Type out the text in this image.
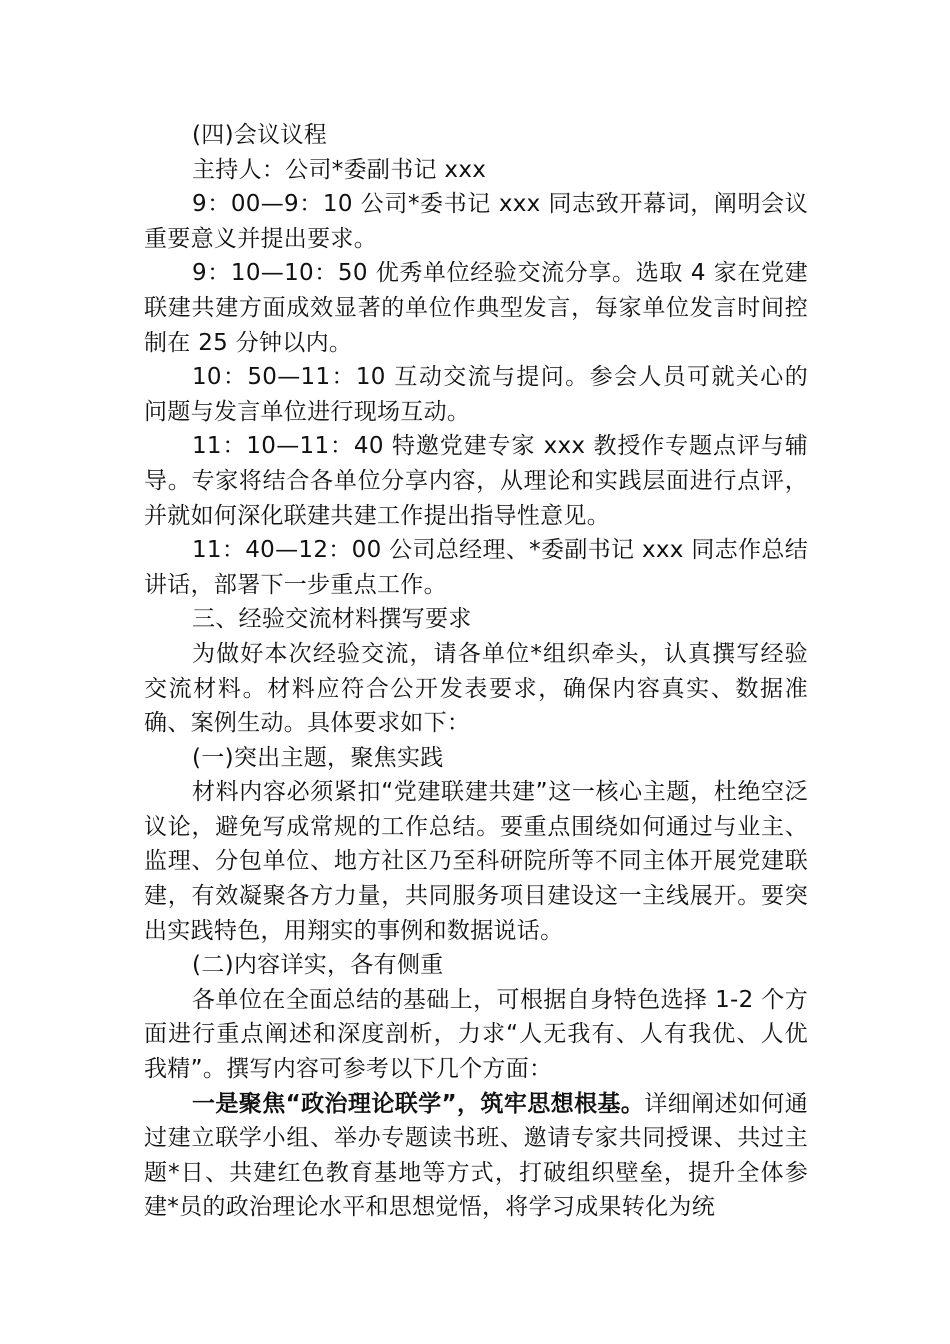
(四)会议议程

主持人：公司*委副书记 xxx

9：00—9：10 公司*委书记 xxx 同志致开幕词，阐明会议重要意义并提出要求。

9：10—10：50 优秀单位经验交流分享。选取 4 家在党建联建共建方面成效显著的单位作典型发言，每家单位发言时间控制在 25 分钟以内。

10：50—11：10 互动交流与提问。参会人员可就关心的问题与发言单位进行现场互动。

11：10—11：40 特邀党建专家 xxx 教授作专题点评与辅导。专家将结合各单位分享内容，从理论和实践层面进行点评，并就如何深化联建共建工作提出指导性意见。

11：40—12：00 公司总经理、*委副书记 xxx 同志作总结讲话，部署下一步重点工作。

三、经验交流材料撰写要求

为做好本次经验交流，请各单位*组织牵头，认真撰写经验交流材料。材料应符合公开发表要求，确保内容真实、数据准确、案例生动。具体要求如下：

(一)突出主题，聚焦实践

材料内容必须紧扣“党建联建共建”这一核心主题，杜绝空泛议论，避免写成常规的工作总结。要重点围绕如何通过与业主、监理、分包单位、地方社区乃至科研院所等不同主体开展党建联建，有效凝聚各方力量，共同服务项目建设这一主线展开。要突出实践特色，用翔实的事例和数据说话。

(二)内容详实，各有侧重

各单位在全面总结的基础上，可根据自身特色选择 1-2 个方面进行重点阐述和深度剖析，力求“人无我有、人有我优、人优我精”。撰写内容可参考以下几个方面：

一是聚焦“政治理论联学”，筑牢思想根基。详细阐述如何通过建立联学小组、举办专题读书班、邀请专家共同授课、共过主题*日、共建红色教育基地等方式，打破组织壁垒，提升全体参建*员的政治理论水平和思想觉悟，将学习成果转化为统
